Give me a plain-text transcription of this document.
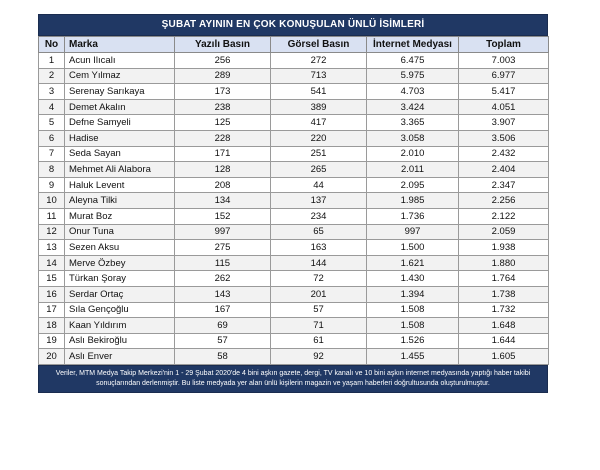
ŞUBAT AYININ EN ÇOK KONUŞULAN ÜNLÜ İSİMLERİ
No	Marka	Yazılı Basın	Görsel Basın	İnternet Medyası	Toplam
1	Acun Ilıcalı	256	272	6.475	7.003
2	Cem Yılmaz	289	713	5.975	6.977
3	Serenay Sarıkaya	173	541	4.703	5.417
4	Demet Akalın	238	389	3.424	4.051
5	Defne Samyeli	125	417	3.365	3.907
6	Hadise	228	220	3.058	3.506
7	Seda Sayan	171	251	2.010	2.432
8	Mehmet Ali Alabora	128	265	2.011	2.404
9	Haluk Levent	208	44	2.095	2.347
10	Aleyna Tilki	134	137	1.985	2.256
11	Murat Boz	152	234	1.736	2.122
12	Onur Tuna	997	65	997	2.059
13	Sezen Aksu	275	163	1.500	1.938
14	Merve Özbey	115	144	1.621	1.880
15	Türkan Şoray	262	72	1.430	1.764
16	Serdar Ortaç	143	201	1.394	1.738
17	Sıla Gençoğlu	167	57	1.508	1.732
18	Kaan Yıldırım	69	71	1.508	1.648
19	Aslı Bekiroğlu	57	61	1.526	1.644
20	Aslı Enver	58	92	1.455	1.605
Veriler, MTM Medya Takip Merkezi'nin 1 - 29 Şubat 2020'de 4 bini aşkın gazete, dergi, TV kanalı ve 10 bini aşkın internet medyasında yaptığı haber takibi sonuçlarından derlenmiştir. Bu liste medyada yer alan ünlü kişilerin magazin ve yaşam haberleri doğrultusunda oluşturulmuştur.
